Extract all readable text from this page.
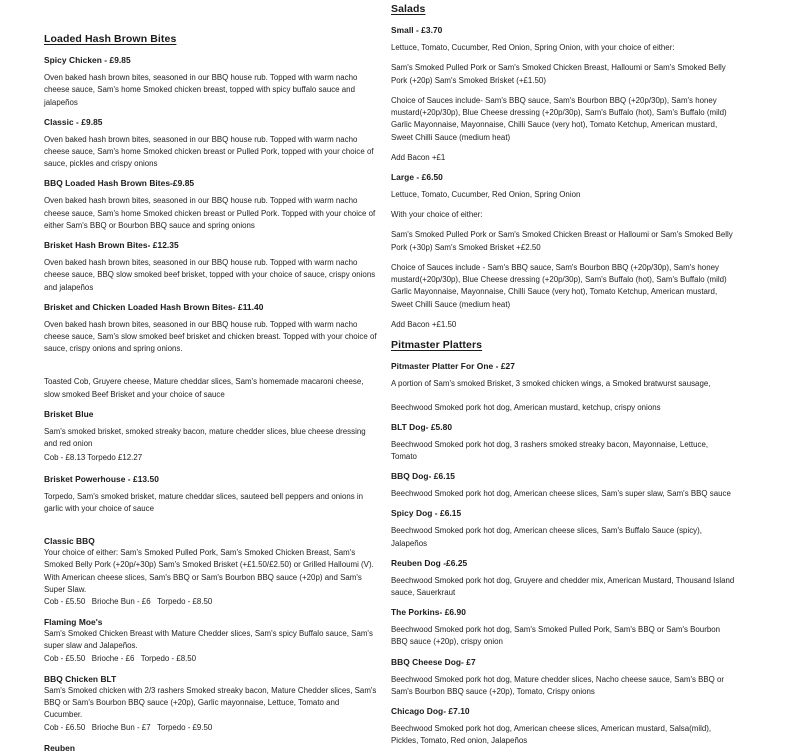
Loaded Hash Brown Bites
Spicy Chicken - £9.85

Oven baked hash brown bites, seasoned in our BBQ house rub. Topped with warm nacho cheese sauce, Sam's home Smoked chicken breast, topped with spicy buffalo sauce and jalapeños

Classic - £9.85

Oven baked hash brown bites, seasoned in our BBQ house rub. Topped with warm nacho cheese sauce, Sam's home Smoked chicken breast or Pulled Pork, topped with your choice of sauce, pickles and crispy onions

BBQ Loaded Hash Brown Bites-£9.85

Oven baked hash brown bites, seasoned in our BBQ house rub. Topped with warm nacho cheese sauce, Sam's home Smoked chicken breast or Pulled Pork. Topped with your choice of either Sam's BBQ or Bourbon BBQ sauce and spring onions

Brisket Hash Brown Bites- £12.35

Oven baked hash brown bites, seasoned in our BBQ house rub. Topped with warm nacho cheese sauce, BBQ slow smoked beef brisket, topped with your choice of sauce, crispy onions and jalapeños

Brisket and Chicken Loaded Hash Brown Bites- £11.40

Oven baked hash brown bites, seasoned in our BBQ house rub. Topped with warm nacho cheese sauce, Sam's slow smoked beef brisket and chicken breast. Topped with your choice of sauce, crispy onions and spring onions.

Toasted Cob, Gruyere cheese, Mature cheddar slices, Sam's homemade macaroni cheese, slow smoked Beef Brisket and your choice of sauce

Brisket Blue

Sam's smoked brisket, smoked streaky bacon, mature chedder slices, blue cheese dressing and red onion

Cob - £8.13 Torpedo £12.27

Brisket Powerhouse - £13.50

Torpedo, Sam's smoked brisket, mature cheddar slices, sauteed bell peppers and onions in garlic with your choice of sauce

Classic BBQ

Your choice of either: Sam's Smoked Pulled Pork, Sam's Smoked Chicken Breast, Sam's Smoked Belly Pork (+20p/+30p) Sam's Smoked Brisket (+£1.50/£2.50) or Grilled Halloumi (V). With American cheese slices, Sam's BBQ or Sam's Bourbon BBQ sauce (+20p) and Sam's Super Slaw.

Cob - £5.50   Brioche Bun - £6   Torpedo - £8.50

Flaming Moe's

Sam's Smoked Chicken Breast with Mature Chedder slices, Sam's spicy Buffalo sauce, Sam's super slaw and Jalapeños.

Cob - £5.50   Brioche - £6   Torpedo - £8.50

BBQ Chicken BLT

Sam's Smoked chicken with 2/3 rashers Smoked streaky bacon, Mature Chedder slices, Sam's BBQ or Sam's Bourbon BBQ sauce (+20p), Garlic mayonnaise, Lettuce, Tomato and Cucumber.

Cob - £6.50   Brioche Bun - £7   Torpedo - £9.50

Reuben
Salads
Small - £3.70

Lettuce, Tomato, Cucumber, Red Onion, Spring Onion, with your choice of either:

Sam's Smoked Pulled Pork or Sam's Smoked Chicken Breast, Halloumi or Sam's Smoked Belly Pork (+20p) Sam's Smoked Brisket (+£1.50)

Choice of Sauces include- Sam's BBQ sauce, Sam's Bourbon BBQ (+20p/30p), Sam's honey mustard(+20p/30p), Blue Cheese dressing (+20p/30p), Sam's Buffalo (hot), Sam's Buffalo (mild) Garlic Mayonnaise, Mayonnaise, Chilli Sauce (very hot), Tomato Ketchup, American mustard, Sweet Chilli Sauce (medium heat)

Add Bacon +£1

Large - £6.50

Lettuce, Tomato, Cucumber, Red Onion, Spring Onion

With your choice of either:

Sam's Smoked Pulled Pork or Sam's Smoked Chicken Breast or Halloumi or Sam's Smoked Belly Pork (+30p) Sam's Smoked Brisket +£2.50

Choice of Sauces include - Sam's BBQ sauce, Sam's Bourbon BBQ (+20p/30p), Sam's honey mustard(+20p/30p), Blue Cheese dressing (+20p/30p), Sam's Buffalo (hot), Sam's Buffalo (mild) Garlic Mayonnaise, Mayonnaise, Chilli Sauce (very hot), Tomato Ketchup, American mustard, Sweet Chilli Sauce (medium heat)

Add Bacon +£1.50

Pitmaster Platters
Pitmaster Platter For One - £27

A portion of Sam's smoked Brisket, 3 smoked chicken wings, a Smoked bratwurst sausage,

Beechwood Smoked pork hot dog, American mustard, ketchup, crispy onions

BLT Dog- £5.80

Beechwood Smoked pork hot dog, 3 rashers smoked streaky bacon, Mayonnaise, Lettuce, Tomato

BBQ Dog- £6.15

Beechwood Smoked pork hot dog, American cheese slices, Sam's super slaw, Sam's BBQ sauce

Spicy Dog - £6.15

Beechwood Smoked pork hot dog, American cheese slices, Sam's Buffalo Sauce (spicy), Jalapeños

Reuben Dog -£6.25

Beechwood Smoked pork hot dog, Gruyere and chedder mix, American Mustard, Thousand Island sauce, Sauerkraut

The Porkins- £6.90

Beechwood Smoked pork hot dog, Sam's Smoked Pulled Pork, Sam's BBQ or Sam's Bourbon BBQ sauce (+20p), crispy onion

BBQ Cheese Dog- £7

Beechwood Smoked pork hot dog, Mature chedder slices, Nacho cheese sauce, Sam's BBQ or Sam's Bourbon BBQ sauce (+20p), Tomato, Crispy onions

Chicago Dog- £7.10

Beechwood Smoked pork hot dog, American cheese slices, American mustard, Salsa(mild), Pickles, Tomato, Red onion, Jalapeños
